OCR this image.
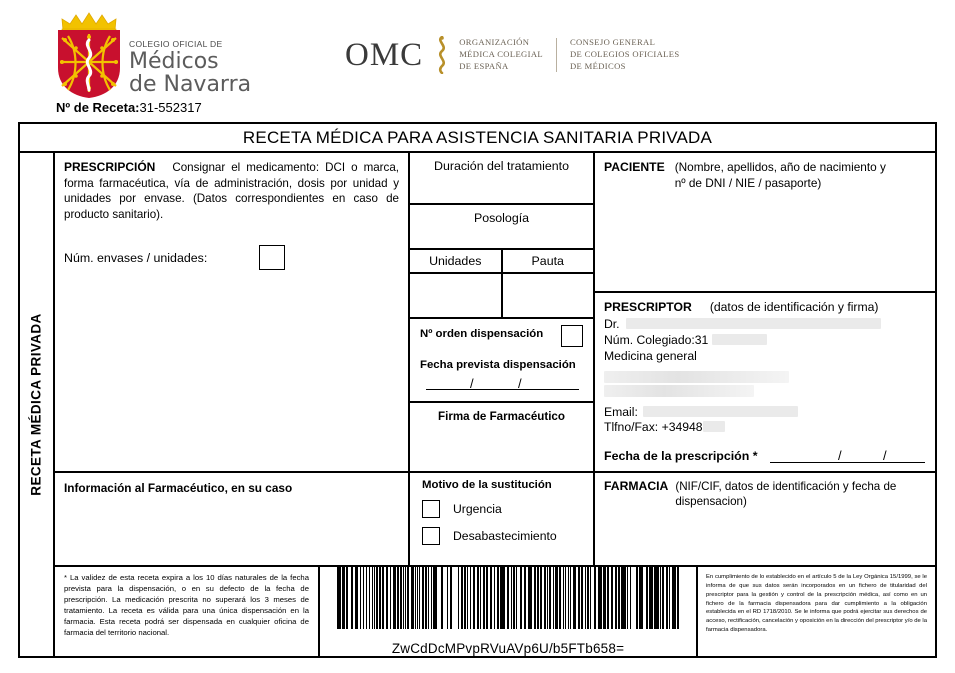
COLEGIO OFICIAL DE
Médicos
de Navarra
OMC	ORGANIZACIÓN
MÉDICA COLEGIAL
DE ESPAÑA
CONSEJO GENERAL
DE COLEGIOS OFICIALES
DE MÉDICOS
Nº de Receta:31-552317
RECETA MÉDICA PARA ASISTENCIA SANITARIA PRIVADA
RECETA MÉDICA PRIVADA
PRESCRIPCIÓN Consignar el medicamento: DCI o marca, forma farmacéutica, vía de administración, dosis por unidad y unidades por envase. (Datos correspondientes en caso de producto sanitario).
Núm. envases / unidades:
Duración del tratamiento
Posología
Unidades	Pauta
Nº orden dispensación
Fecha prevista dispensación
/	/
Firma de Farmacéutico
PACIENTE (Nombre, apellidos, año de nacimiento y
nº de DNI / NIE / pasaporte)
PRESCRIPTOR (datos de identificación y firma)
Dr.
Núm. Colegiado:31
Medicina general
Email:
Tlfno/Fax: +34948
Fecha de la prescripción *	/	/
Información al Farmacéutico, en su caso	Motivo de la sustitución
Urgencia
Desabastecimiento
FARMACIA (NIF/CIF, datos de identificación y fecha de
dispensacion)

* La validez de esta receta expira a los 10 días naturales de la fecha prevista para la dispensación, o en su defecto de la fecha de prescripción. La medicación prescrita no superará los 3 meses de tratamiento. La receta es válida para una única dispensación en la farmacia. Esta receta podrá ser dispensada en cualquier oficina de farmacia del territorio nacional.

ZwCdDcMPvpRVuAVp6U/b5FTb658=

En cumplimiento de lo establecido en el artículo 5 de la Ley Orgánica 15/1999, se le informa de que sus datos serán incorporados en un fichero de titularidad del prescriptor para la gestión y control de la prescripción médica, así como en un fichero de la farmacia dispensadora para dar cumplimiento a la obligación establecida en el RD 1718/2010. Se le informa que podrá ejercitar sus derechos de acceso, rectificación, cancelación y oposición en la dirección del prescriptor y/o de la farmacia dispensadora.
